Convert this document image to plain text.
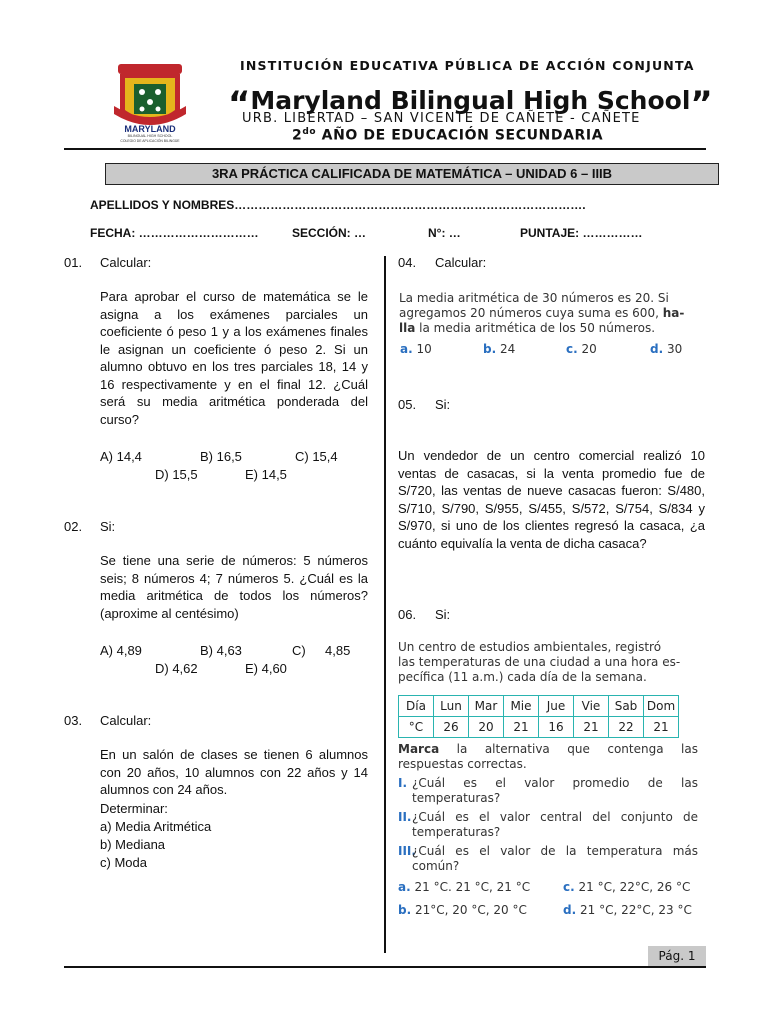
MARYLAND
BILINGUAL HIGH SCHOOL
COLEGIO DE APLICACIÓN BILINGÜE
INSTITUCIÓN EDUCATIVA PÚBLICA DE ACCIÓN CONJUNTA
“Maryland Bilingual High School”
URB. LIBERTAD – SAN VICENTE DE CAÑETE - CAÑETE
$2^{do}$ AÑO DE EDUCACIÓN SECUNDARIA
3RA PRÁCTICA CALIFICADA DE MATEMÁTICA – UNIDAD 6 – IIIB
APELLIDOS Y NOMBRES…………………………………………………………………………….
FECHA: …………………………	SECCIÓN: …	N°: …	PUNTAJE: ……………
01. Calcular:
Para aprobar el curso de matemática se le asigna a los exámenes parciales un coeficiente ó peso 1 y a los exámenes finales le asignan un coeficiente ó peso 2. Si un alumno obtuvo en los tres parciales 18, 14 y 16 respectivamente y en el final 12. ¿Cuál será su media aritmética ponderada del curso?
A) 14,4	B) 16,5	C) 15,4
D) 15,5	E) 14,5
02. Si:
Se tiene una serie de números: 5 números seis; 8 números 4; 7 números 5. ¿Cuál es la media aritmética de todos los números? (aproxime al centésimo)
A) 4,89	B) 4,63	C) 4,85
D) 4,62	E) 4,60
03. Calcular:
En un salón de clases se tienen 6 alumnos con 20 años, 10 alumnos con 22 años y 14 alumnos con 24 años.
Determinar:
a) Media Aritmética
b) Mediana
c) Moda
04. Calcular:
La media aritmética de 30 números es 20. Si
agregamos 20 números cuya suma es 600, ha-
lla la media aritmética de los 50 números.
a. 10	b. 24	c. 20	d. 30
05. Si:
Un vendedor de un centro comercial realizó 10 ventas de casacas, si la venta promedio fue de S/720, las ventas de nueve casacas fueron: S/480, S/710, S/790, S/955, S/455, S/572, S/754, S/834 y S/970, si uno de los clientes regresó la casaca, ¿a cuánto equivalía la venta de dicha casaca?
06. Si:
Un centro de estudios ambientales, registró
las temperaturas de una ciudad a una hora es-
pecífica (11 a.m.) cada día de la semana.
Día	Lun	Mar	Mie	Jue	Vie	Sab	Dom
°C	26	20	21	16	21	22	21
Marca la alternativa que contenga las
respuestas correctas.
I. ¿Cuál es el valor promedio de las
temperaturas?
II. ¿Cuál es el valor central del conjunto de
temperaturas?
III.
¿Cuál es el valor de la temperatura más
común?
a. 21 °C. 21 °C, 21 °C	c. 21 °C, 22°C, 26 °C
b. 21°C, 20 °C, 20 °C	d. 21 °C, 22°C, 23 °C
Pág. 1
